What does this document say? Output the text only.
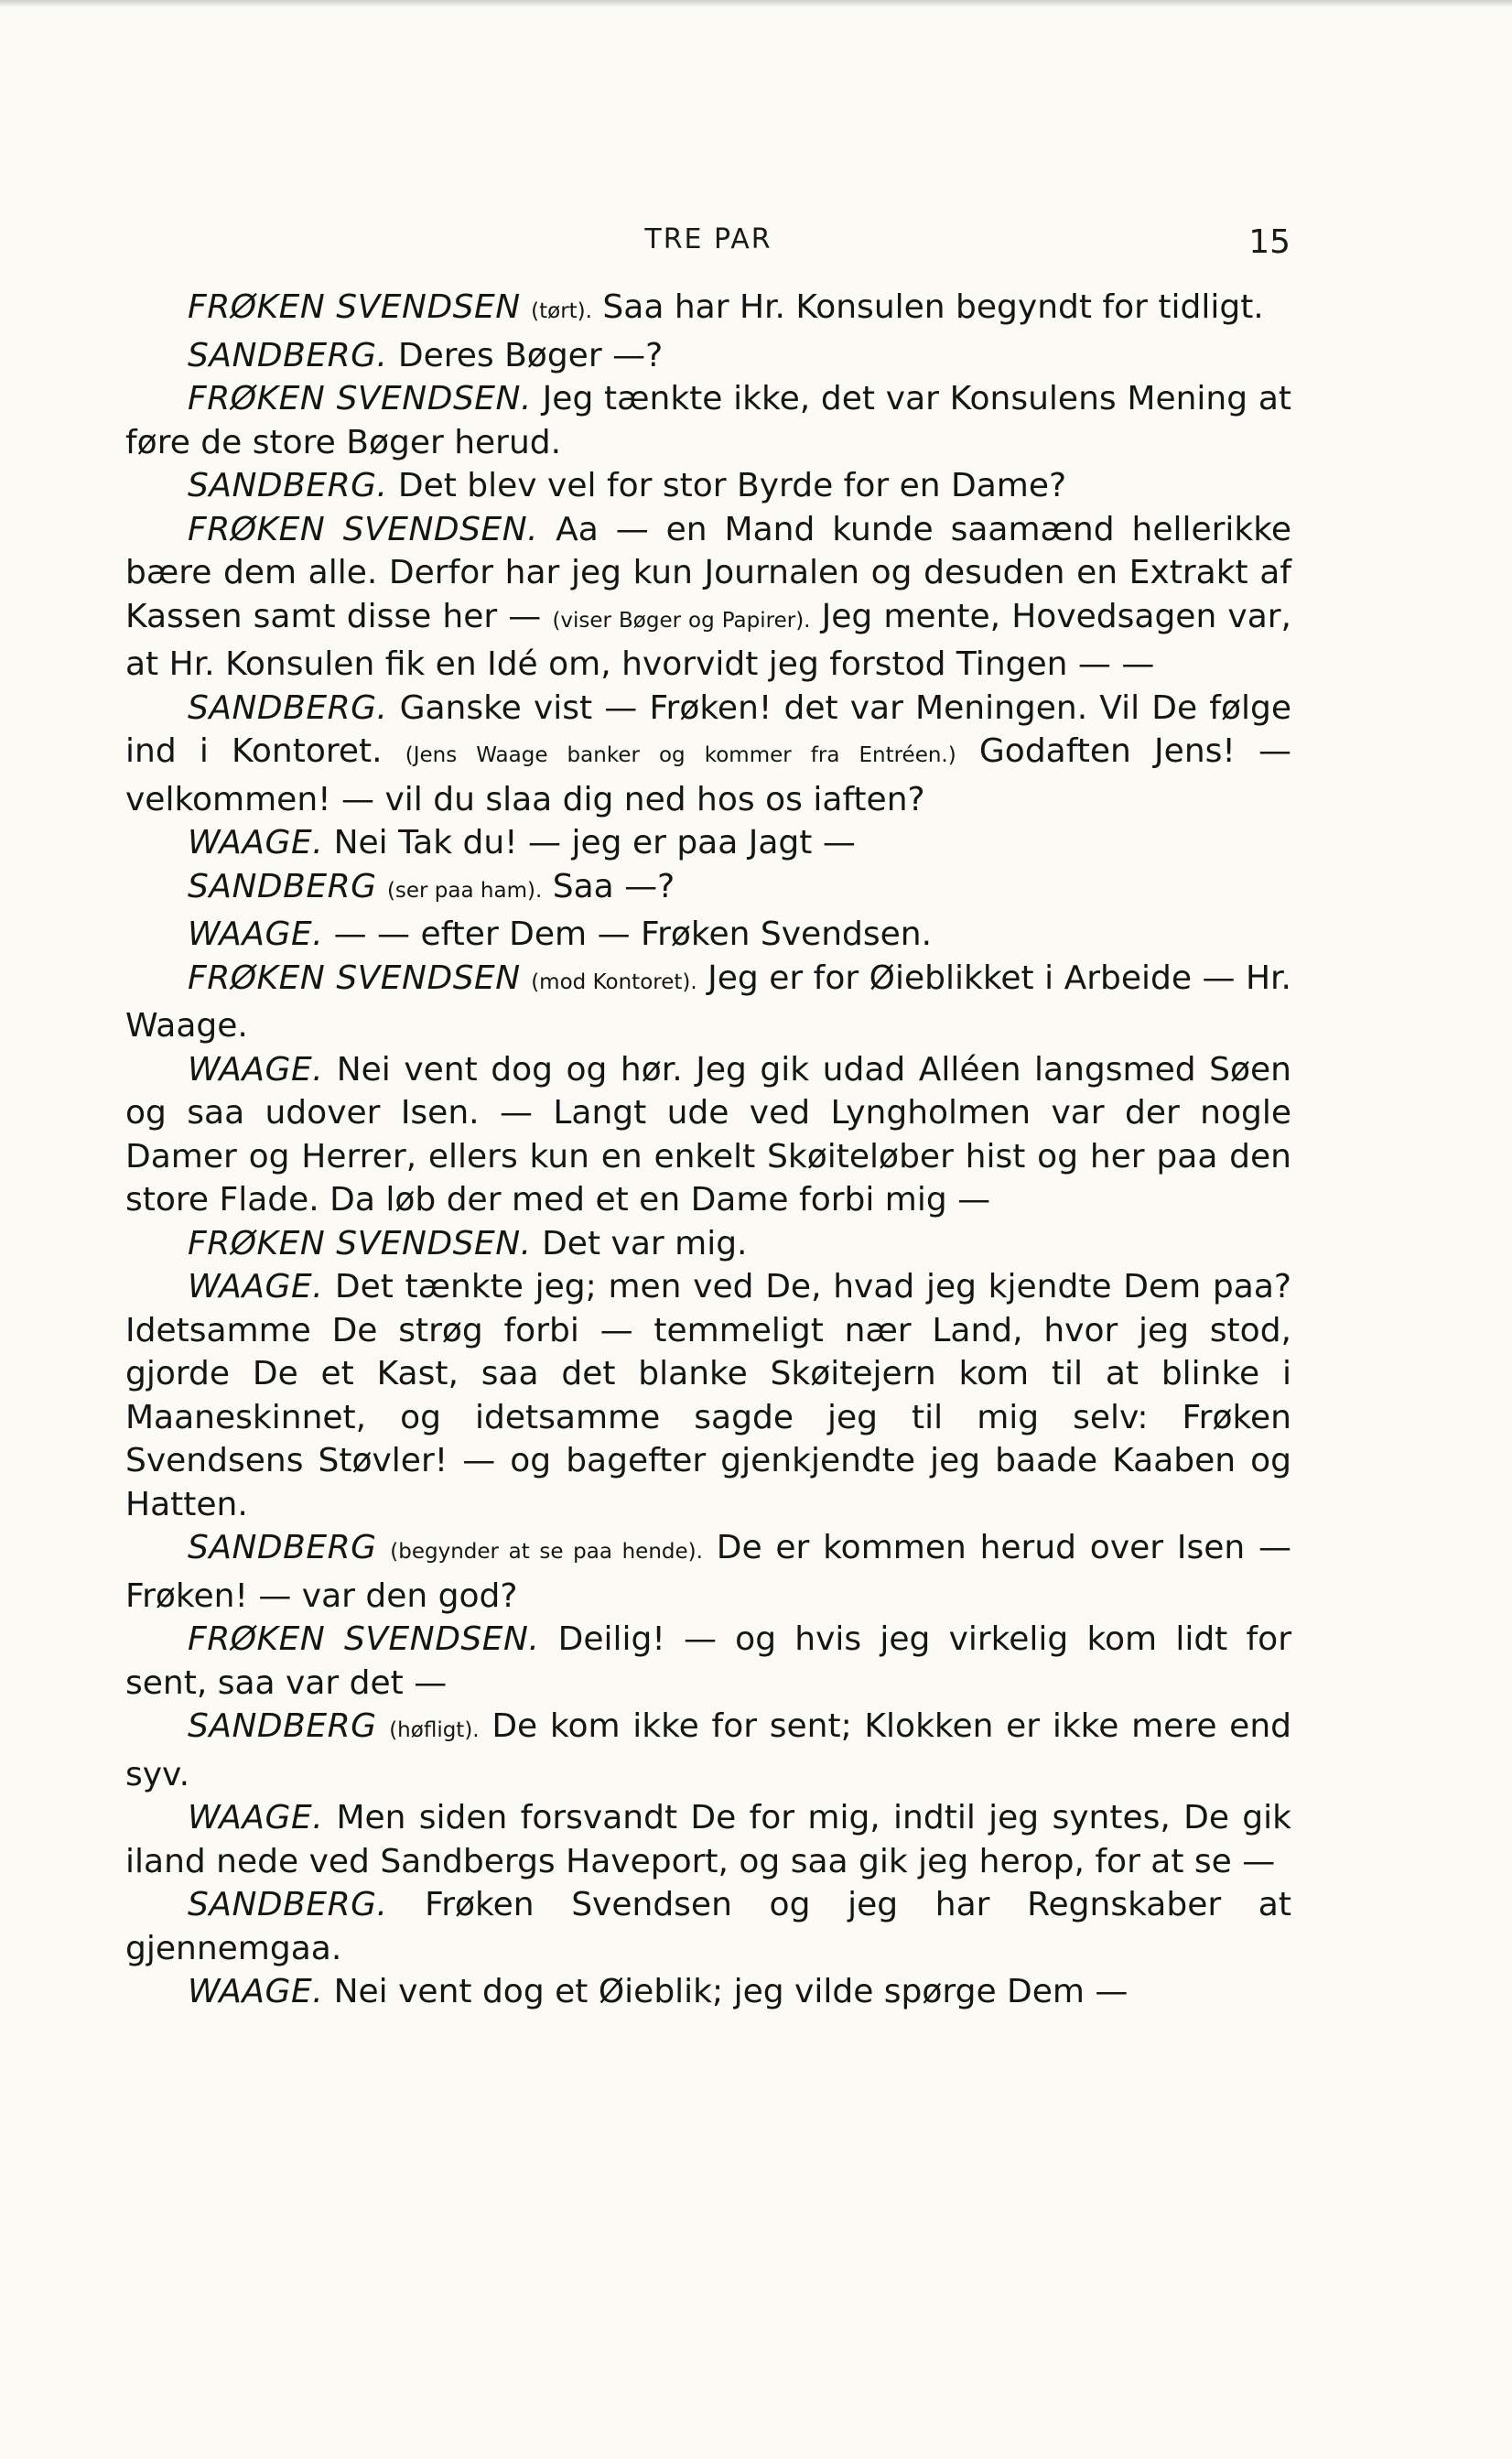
TRE PAR	15

FRØKEN SVENDSEN (tørt). Saa har Hr. Konsulen begyndt for tidligt.

SANDBERG. Deres Bøger —?

FRØKEN SVENDSEN. Jeg tænkte ikke, det var Konsulens Mening at føre de store Bøger herud.

SANDBERG. Det blev vel for stor Byrde for en Dame?

FRØKEN SVENDSEN. Aa — en Mand kunde saamænd hellerikke bære dem alle. Derfor har jeg kun Journalen og desuden en Extrakt af Kassen samt disse her — (viser Bøger og Papirer). Jeg mente, Hovedsagen var, at Hr. Konsulen fik en Idé om, hvorvidt jeg forstod Tingen — —

SANDBERG. Ganske vist — Frøken! det var Meningen. Vil De følge ind i Kontoret. (Jens Waage banker og kommer fra Entréen.) Godaften Jens! — velkommen! — vil du slaa dig ned hos os iaften?

WAAGE. Nei Tak du! — jeg er paa Jagt —

SANDBERG (ser paa ham). Saa —?

WAAGE. — — efter Dem — Frøken Svendsen.

FRØKEN SVENDSEN (mod Kontoret). Jeg er for Øieblikket i Arbeide — Hr. Waage.

WAAGE. Nei vent dog og hør. Jeg gik udad Alléen langsmed Søen og saa udover Isen. — Langt ude ved Lyngholmen var der nogle Damer og Herrer, ellers kun en enkelt Skøiteløber hist og her paa den store Flade. Da løb der med et en Dame forbi mig —

FRØKEN SVENDSEN. Det var mig.

WAAGE. Det tænkte jeg; men ved De, hvad jeg kjendte Dem paa? Idetsamme De strøg forbi — temmeligt nær Land, hvor jeg stod, gjorde De et Kast, saa det blanke Skøitejern kom til at blinke i Maaneskinnet, og idetsamme sagde jeg til mig selv: Frøken Svendsens Støvler! — og bagefter gjenkjendte jeg baade Kaaben og Hatten.

SANDBERG (begynder at se paa hende). De er kommen herud over Isen — Frøken! — var den god?

FRØKEN SVENDSEN. Deilig! — og hvis jeg virkelig kom lidt for sent, saa var det —

SANDBERG (høfligt). De kom ikke for sent; Klokken er ikke mere end syv.

WAAGE. Men siden forsvandt De for mig, indtil jeg syntes, De gik iland nede ved Sandbergs Haveport, og saa gik jeg herop, for at se —

SANDBERG. Frøken Svendsen og jeg har Regnskaber at gjennemgaa.

WAAGE. Nei vent dog et Øieblik; jeg vilde spørge Dem —
